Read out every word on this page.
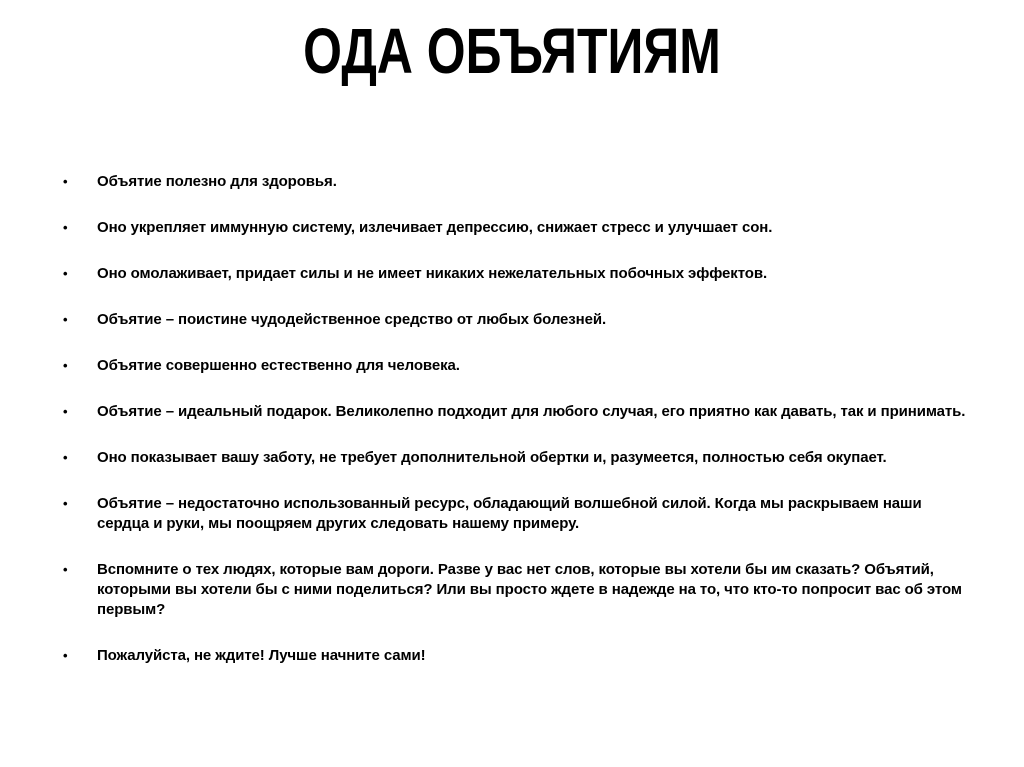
ОДА ОБЪЯТИЯМ
•	Объятие полезно для здоровья.
•	Оно укрепляет иммунную систему, излечивает депрессию, снижает стресс и улучшает сон.
•	Оно омолаживает, придает силы и не имеет никаких нежелательных побочных эффектов.
•	Объятие – поистине чудодейственное средство от любых болезней.
•	Объятие совершенно естественно для человека.
•	Объятие – идеальный подарок. Великолепно подходит для любого случая, его приятно как давать, так и принимать.
•	Оно показывает вашу заботу, не требует дополнительной обертки и, разумеется, полностью себя окупает.
•	Объятие – недостаточно использованный ресурс, обладающий волшебной силой. Когда мы раскрываем наши сердца и руки, мы поощряем других следовать нашему примеру.
•	Вспомните о тех людях, которые вам дороги. Разве у вас нет слов, которые вы хотели бы им сказать? Объятий, которыми вы хотели бы с ними поделиться? Или вы просто ждете в надежде на то, что кто-то попросит вас об этом первым?
•	Пожалуйста, не ждите! Лучше начните сами!
